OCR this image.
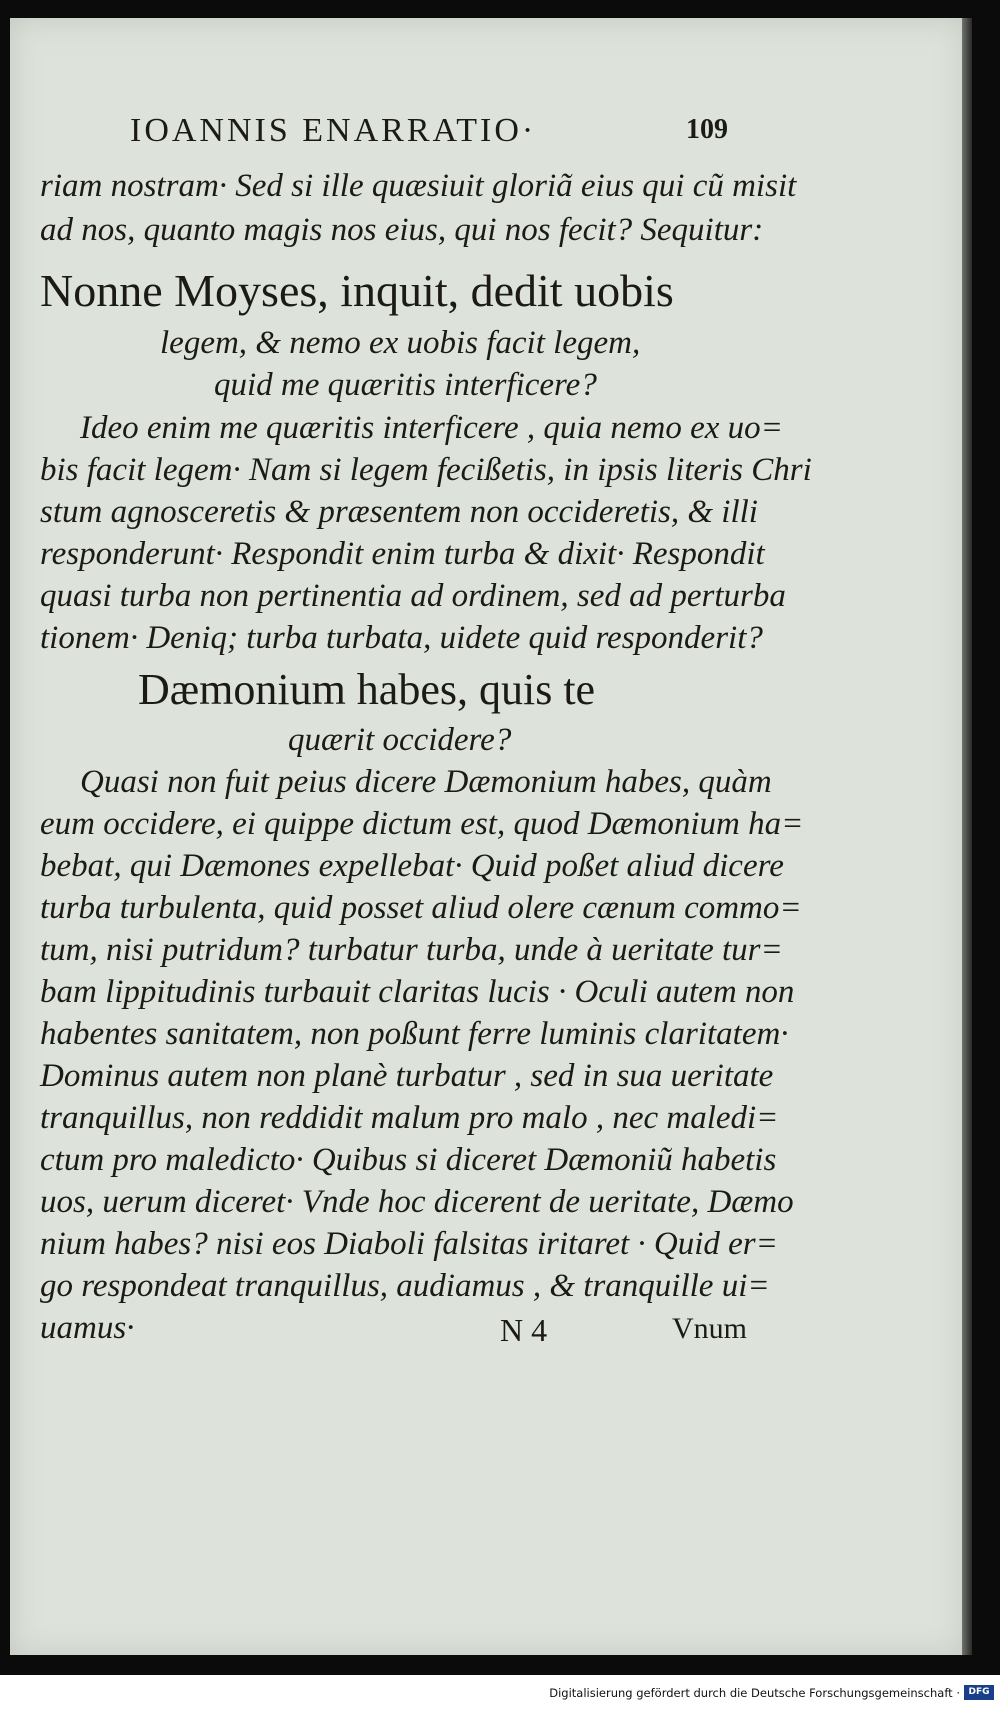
IOANNIS ENARRATIO·	109
riam nostram· Sed si ille quæsiuit gloriã eius qui cũ misit
ad nos, quanto magis nos eius, qui nos fecit? Sequitur:
Nonne Moyses, inquit, dedit uobis
legem, & nemo ex uobis facit legem,
quid me quæritis interficere?
Ideo enim me quæritis interficere , quia nemo ex uo=
bis facit legem· Nam si legem fecißetis, in ipsis literis Chri
stum agnosceretis & præsentem non occideretis, & illi
responderunt· Respondit enim turba & dixit· Respondit
quasi turba non pertinentia ad ordinem, sed ad perturba
tionem· Deniq; turba turbata, uidete quid responderit?
Dæmonium habes, quis te
quærit occidere?
Quasi non fuit peius dicere Dæmonium habes, quàm
eum occidere, ei quippe dictum est, quod Dæmonium ha=
bebat, qui Dæmones expellebat· Quid poßet aliud dicere
turba turbulenta, quid posset aliud olere cænum commo=
tum, nisi putridum? turbatur turba, unde à ueritate tur=
bam lippitudinis turbauit claritas lucis · Oculi autem non
habentes sanitatem, non poßunt ferre luminis claritatem·
Dominus autem non planè turbatur , sed in sua ueritate
tranquillus, non reddidit malum pro malo , nec maledi=
ctum pro maledicto· Quibus si diceret Dæmoniũ habetis
uos, uerum diceret· Vnde hoc dicerent de ueritate, Dæmo
nium habes? nisi eos Diaboli falsitas iritaret · Quid er=
go respondeat tranquillus, audiamus , & tranquille ui=
uamus·	N 4	Vnum
Digitalisierung gefördert durch die Deutsche Forschungsgemeinschaft · DFG
